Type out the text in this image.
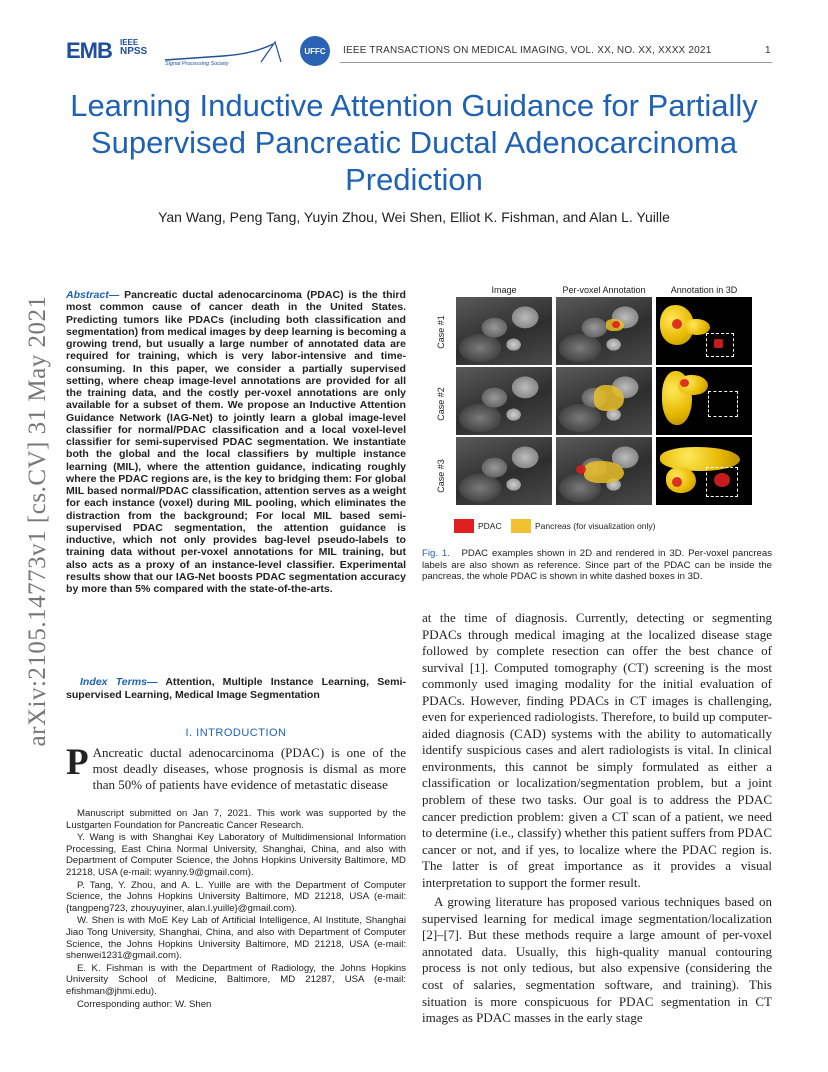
EMB IEEE
NPSS
Signal Processing Society
UFFC	IEEE TRANSACTIONS ON MEDICAL IMAGING, VOL. XX, NO. XX, XXXX 2021	1
Learning Inductive Attention Guidance for Partially Supervised Pancreatic Ductal Adenocarcinoma Prediction
Yan Wang, Peng Tang, Yuyin Zhou, Wei Shen, Elliot K. Fishman, and Alan L. Yuille
arXiv:2105.14773v1 [cs.CV] 31 May 2021
Abstract— Pancreatic ductal adenocarcinoma (PDAC) is the third most common cause of cancer death in the United States. Predicting tumors like PDACs (including both classification and segmentation) from medical images by deep learning is becoming a growing trend, but usually a large number of annotated data are required for training, which is very labor-intensive and time-consuming. In this paper, we consider a partially supervised setting, where cheap image-level annotations are provided for all the training data, and the costly per-voxel annotations are only available for a subset of them. We propose an Inductive Attention Guidance Network (IAG-Net) to jointly learn a global image-level classifier for normal/PDAC classification and a local voxel-level classifier for semi-supervised PDAC segmentation. We instantiate both the global and the local classifiers by multiple instance learning (MIL), where the attention guidance, indicating roughly where the PDAC regions are, is the key to bridging them: For global MIL based normal/PDAC classification, attention serves as a weight for each instance (voxel) during MIL pooling, which eliminates the distraction from the background; For local MIL based semi-supervised PDAC segmentation, the attention guidance is inductive, which not only provides bag-level pseudo-labels to training data without per-voxel annotations for MIL training, but also acts as a proxy of an instance-level classifier. Experimental results show that our IAG-Net boosts PDAC segmentation accuracy by more than 5% compared with the state-of-the-arts.
Index Terms— Attention, Multiple Instance Learning, Semi-supervised Learning, Medical Image Segmentation
I. INTRODUCTION
P Ancreatic ductal adenocarcinoma (PDAC) is one of the most deadly diseases, whose prognosis is dismal as more than 50% of patients have evidence of metastatic disease

Manuscript submitted on Jan 7, 2021. This work was supported by the Lustgarten Foundation for Pancreatic Cancer Research.

Y. Wang is with Shanghai Key Laboratory of Multidimensional Information Processing, East China Normal University, Shanghai, China, and also with Department of Computer Science, the Johns Hopkins University Baltimore, MD 21218, USA (e-mail: wyanny.9@gmail.com).

P. Tang, Y. Zhou, and A. L. Yuille are with the Department of Computer Science, the Johns Hopkins University Baltimore, MD 21218, USA (e-mail: {tangpeng723, zhouyuyiner, alan.l.yuille}@gmail.com).

W. Shen is with MoE Key Lab of Artificial Intelligence, AI Institute, Shanghai Jiao Tong University, Shanghai, China, and also with Department of Computer Science, the Johns Hopkins University Baltimore, MD 21218, USA (e-mail: shenwei1231@gmail.com).

E. K. Fishman is with the Department of Radiology, the Johns Hopkins University School of Medicine, Baltimore, MD 21287, USA (e-mail: efishman@jhmi.edu).

Corresponding author: W. Shen

Image	Per-voxel Annotation	Annotation in 3D
Case #1
Case #2
Case #3
PDAC	Pancreas (for visualization only)
Fig. 1. PDAC examples shown in 2D and rendered in 3D. Per-voxel pancreas labels are also shown as reference. Since part of the PDAC can be inside the pancreas, the whole PDAC is shown in white dashed boxes in 3D.

at the time of diagnosis. Currently, detecting or segmenting PDACs through medical imaging at the localized disease stage followed by complete resection can offer the best chance of survival [1]. Computed tomography (CT) screening is the most commonly used imaging modality for the initial evaluation of PDACs. However, finding PDACs in CT images is challenging, even for experienced radiologists. Therefore, to build up computer-aided diagnosis (CAD) systems with the ability to automatically identify suspicious cases and alert radiologists is vital. In clinical environments, this cannot be simply formulated as either a classification or localization/segmentation problem, but a joint problem of these two tasks. Our goal is to address the PDAC cancer prediction problem: given a CT scan of a patient, we need to determine (i.e., classify) whether this patient suffers from PDAC cancer or not, and if yes, to localize where the PDAC region is. The latter is of great importance as it provides a visual interpretation to support the former result.

A growing literature has proposed various techniques based on supervised learning for medical image segmentation/localization [2]–[7]. But these methods require a large amount of per-voxel annotated data. Usually, this high-quality manual contouring process is not only tedious, but also expensive (considering the cost of salaries, segmentation software, and training). This situation is more conspicuous for PDAC segmentation in CT images as PDAC masses in the early stage
